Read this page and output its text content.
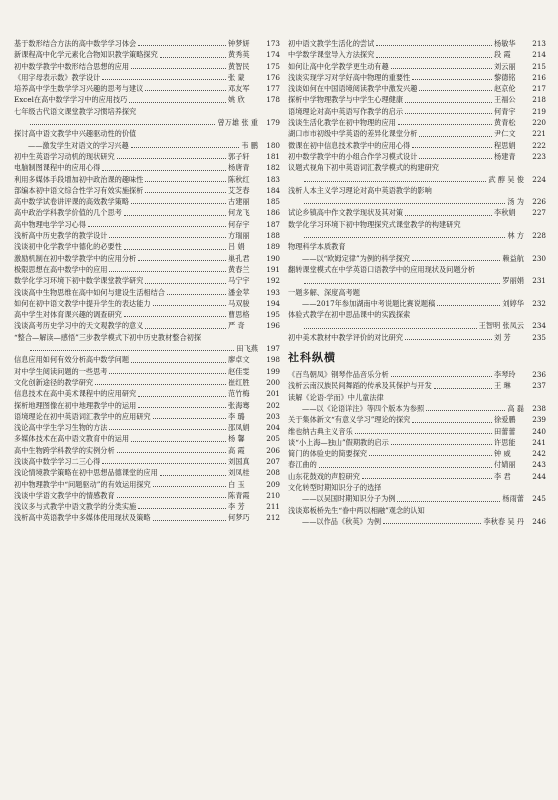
基于数形结合方法的高中数学学习体会	钟梦妍	173
新课程高中化学元素化合物知识教学策略探究	黄秀英	174
初中数学教学中数形结合思想的应用	黄智民	175
《用字母表示数》教学设计	张 蒙	176
培养高中学生数学学习兴趣的思考与建议	邓友军	177
Excel在高中数学学习中的应用技巧	姚 欣	178
七年级古代语文课堂教学习惯培养探究
曾万雄 张 重	179
探讨高中语文教学中兴趣驱动性的价值
——激发学生对语文的学习兴趣	韦 鹏	180
初中生英语学习动机的现状研究	郭子轩	181
电脑制图课程中的应用心得	杨唐青	182
利用多媒体手段增加初中政治课的趣味性	陈秋红	183
部编本初中语文综合性学习有效实施探析	艾芝春	184
高中数学试卷讲评课的高效教学策略	古建丽	185
高中政治学科教学价值的几个思考	何龙飞	186
高中物理电学学习心得	何存宇	187
浅析高中历史教学的教学设计	方瑞丽	188
浅谈初中化学教学中德化的必要性	吕 娟	189
激励机制在初中数学教学中的应用分析	巢孔君	190
极限思想在高中数学中的应用	黄春兰	191
数学化学习环境下初中数学课堂教学研究	马宁宇	192
浅谈高中生物思维在高中如何与建设生活相结合	潘金苹	193
如何在初中语文教学中提升学生的表达能力	马双骏	194
高中学生对体育课兴趣的调查研究	曹思格	195
浅谈高考历史学习中的天文观教学的意义	严 奇	196
“整合—解读—感悟”三步教学模式下初中历史教材整合初探
田飞燕	197
信息应用如何有效分析高中数学问题	廖卓文	198
对中学生阅读问题的一些思考	赵佳雯	199
文化创新途径的教学研究	崔红胜	200
信息技术在高中美术课程中的应用研究	范竹梅	201
探析地理图像在初中地理教学中的运用	张海骞	202
语境理论在初中英语词汇教学中的应用研究	李 璐	203
浅论高中学生学习生物的方法	邵凤娟	204
多媒体技术在高中语文教育中的运用	杨 馨	205
高中生物跨学科教学的实例分析	高 霞	206
浅谈高中数学学习二三心得	刘国真	207
浅论情境教学策略在初中思想品德课堂的应用	刘凤桂	208
初中物理教学中“问题驱动”的有效运用探究	白 玉	209
浅谈中学语文教学中的情感教育	陈青霞	210
浅议多与式教学中语文教学的分类实施	李 芳	211
浅析高中英语教学中多媒体使用现状及策略	何梦巧	212
初中语文教学生活化的尝试	杨敏华	213
中学数学课堂导入方法探究	段 霞	214
如何让高中化学教学更生动有趣	刘云丽	215
浅谈实现学习对学好高中物理的重要性	黎德铭	216
浅谈如何在中国语境阅读教学中激发兴趣	赵京伦	217
探析中学物理教学与中学生心理健康	王福公	218
语境理论对高中英语写作教学的启示	何青宇	219
浅谈生活化教学在初中物理的应用	黄青松	220
湖口市市初级中学英语的差异化课堂分析	尹仁文	221
微课在初中信息技术教学中的应用心得	程思娟	222
初中数学教学中的小组合作学习模式设计	杨建青	223
议题式视角下初中英语词汇教学模式的构建研究
武 醇 吴 俊	224
浅析人本主义学习理论对高中英语教学的影响
汤 为	226
试论乡镇高中作文教学现状及其对策	李秋娟	227
数学化学习环境下初中物理探究式课堂教学的构建研究
林 方	228
物理科学本质教育
——以“欧姆定律”为例的科学探究	赖益航	230
翻转课堂模式在中学英语口语教学中的应用现状及问题分析
罗丽娟	231
一题多解、深度高考题
——2017年参加湖南中考说题比赛说题稿	刘婷华	232
体验式教学在初中思品课中的实践探索
王智明 张凤云	234
初中美术教材中教学评价的对比研究	刘 芳	235
社科纵横
《百鸟朝凤》钢琴作品音乐分析	李琴玲	236
浅析云南汉族民间舞蹈的传承及其保护与开发	王 琳	237
读解《论语·学而》中儿童法律
——以《论语详注》等四个版本为参照	高 磊	238
关于集体新文“有意义学习”理论的探究	徐爱鹏	239
维也纳古典主义音乐	田蕾蕾	240
谈“小上海—独山”假期教的启示	许思能	241
简门的体验史的简要探究	钟 威	242
春江曲的	付婧丽	243
山东花鼓戏的声腔研究	李 君	244
文化转型时期知识分子的选择
——以吴国时期知识分子为例	杨雨蕾	245
浅谈郑板桥先生“眷中两以相融”观念的认知
——以作品《秋英》为例	李秋春 吴 丹	246
